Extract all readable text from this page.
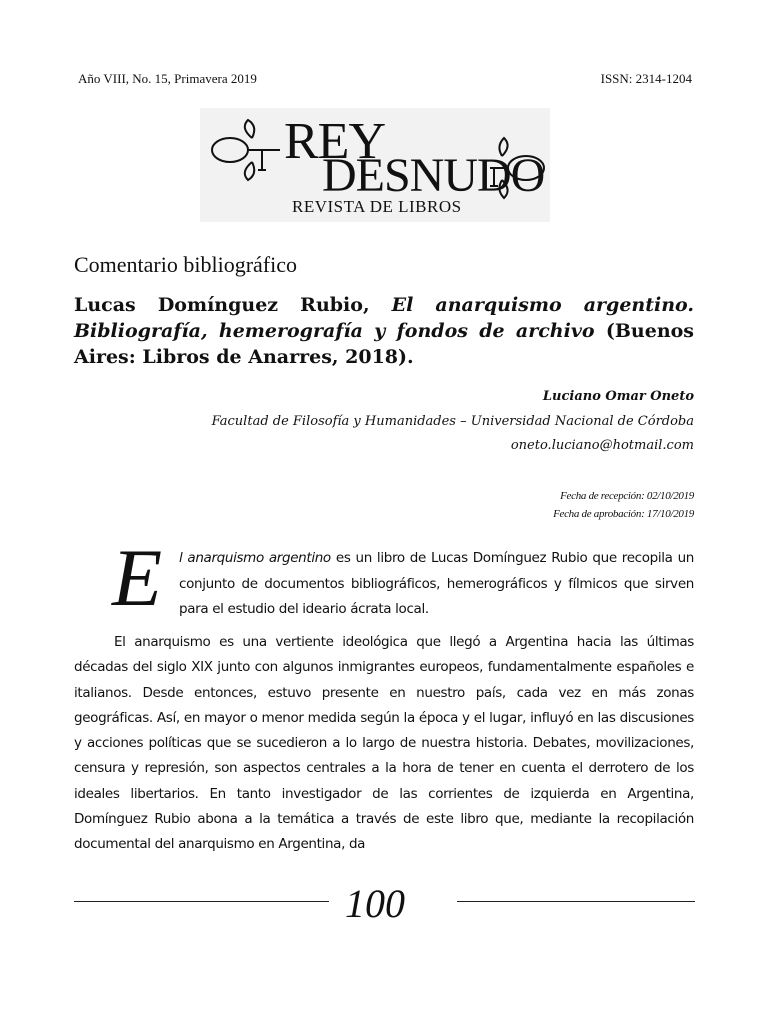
Año VIII, No. 15, Primavera 2019	ISSN: 2314-1204
REY
DESNUDO
REVISTA DE LIBROS
Comentario bibliográfico
Lucas Domínguez Rubio, El anarquismo argentino. Bibliografía, hemerografía y fondos de archivo (Buenos Aires: Libros de Anarres, 2018).
Luciano Omar Oneto
Facultad de Filosofía y Humanidades – Universidad Nacional de Córdoba
oneto.luciano@hotmail.com
Fecha de recepción: 02/10/2019
Fecha de aprobación: 17/10/2019
E l anarquismo argentino es un libro de Lucas Domínguez Rubio que recopila un conjunto de documentos bibliográficos, hemerográficos y fílmicos que sirven para el estudio del ideario ácrata local.
El anarquismo es una vertiente ideológica que llegó a Argentina hacia las últimas décadas del siglo XIX junto con algunos inmigrantes europeos, fundamentalmente españoles e italianos. Desde entonces, estuvo presente en nuestro país, cada vez en más zonas geográficas. Así, en mayor o menor medida según la época y el lugar, influyó en las discusiones y acciones políticas que se sucedieron a lo largo de nuestra historia. Debates, movilizaciones, censura y represión, son aspectos centrales a la hora de tener en cuenta el derrotero de los ideales libertarios. En tanto investigador de las corrientes de izquierda en Argentina, Domínguez Rubio abona a la temática a través de este libro que, mediante la recopilación documental del anarquismo en Argentina, da
100
